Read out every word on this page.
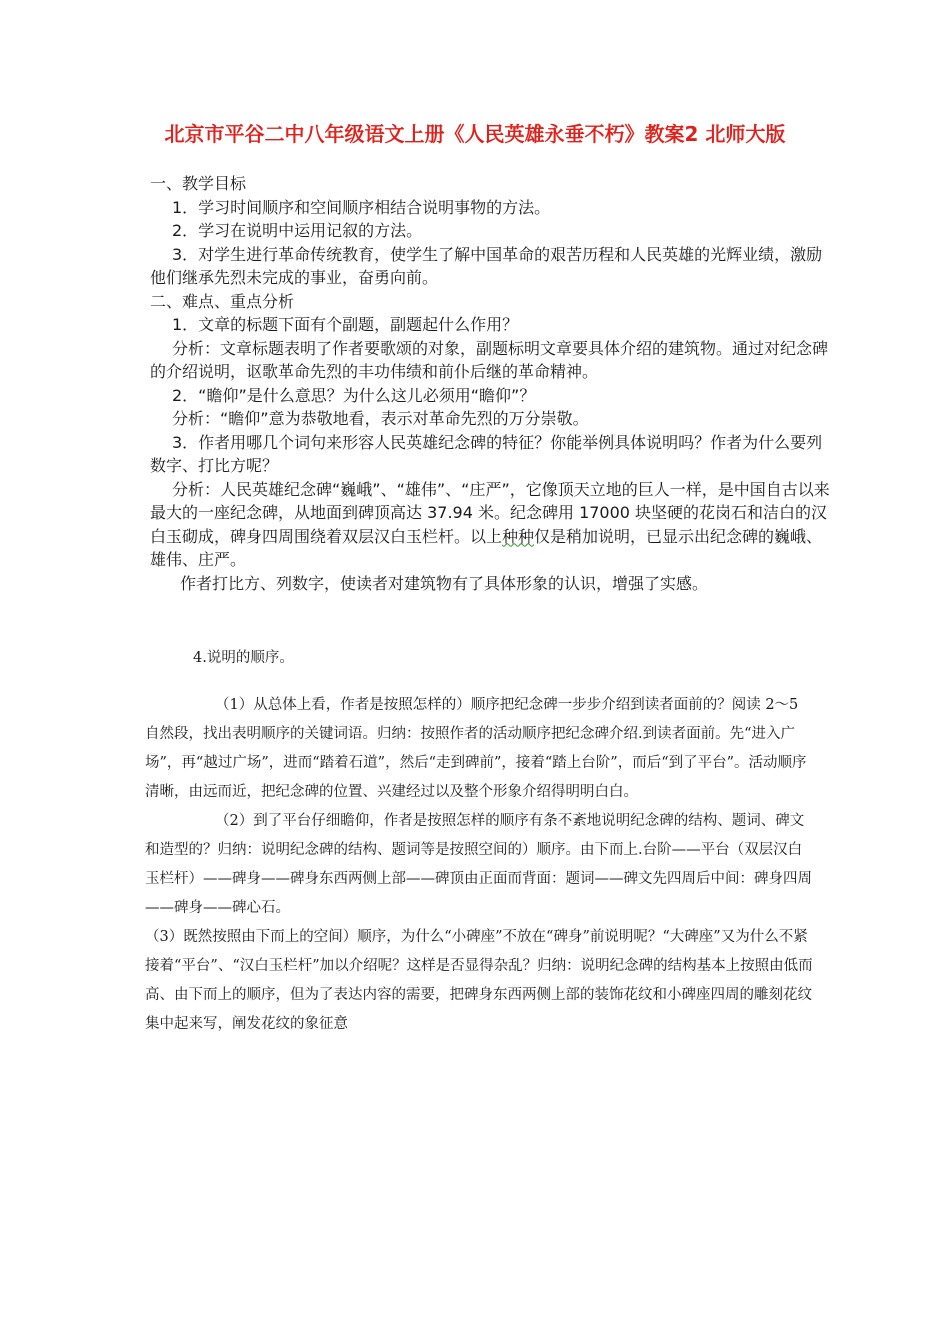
北京市平谷二中八年级语文上册《人民英雄永垂不朽》教案2 北师大版

一、教学目标

1．学习时间顺序和空间顺序相结合说明事物的方法。

2．学习在说明中运用记叙的方法。

3．对学生进行革命传统教育，使学生了解中国革命的艰苦历程和人民英雄的光辉业绩，激励他们继承先烈未完成的事业，奋勇向前。

二、难点、重点分析

1．文章的标题下面有个副题，副题起什么作用？

分析：文章标题表明了作者要歌颂的对象，副题标明文章要具体介绍的建筑物。通过对纪念碑的介绍说明，讴歌革命先烈的丰功伟绩和前仆后继的革命精神。

2．“瞻仰”是什么意思？为什么这儿必须用“瞻仰”？

分析：“瞻仰”意为恭敬地看，表示对革命先烈的万分崇敬。

3．作者用哪几个词句来形容人民英雄纪念碑的特征？你能举例具体说明吗？作者为什么要列数字、打比方呢？

分析：人民英雄纪念碑“巍峨”、“雄伟”、“庄严”，它像顶天立地的巨人一样，是中国自古以来最大的一座纪念碑，从地面到碑顶高达 37.94 米。纪念碑用 17000 块坚硬的花岗石和洁白的汉白玉砌成，碑身四周围绕着双层汉白玉栏杆。以上种种仅是稍加说明，已显示出纪念碑的巍峨、雄伟、庄严。

作者打比方、列数字，使读者对建筑物有了具体形象的认识，增强了实感。

4.说明的顺序。

（1）从总体上看，作者是按照怎样的）顺序把纪念碑一步步介绍到读者面前的？阅读 2～5 自然段，找出表明顺序的关键词语。归纳：按照作者的活动顺序把纪念碑介绍.到读者面前。先“进入广场”，再“越过广场”，进而“踏着石道”，然后“走到碑前”，接着“踏上台阶”，而后“到了平台”。活动顺序清晰，由远而近，把纪念碑的位置、兴建经过以及整个形象介绍得明明白白。

（2）到了平台仔细瞻仰，作者是按照怎样的顺序有条不紊地说明纪念碑的结构、题词、碑文和造型的？归纳：说明纪念碑的结构、题词等是按照空间的）顺序。由下而上.台阶——平台（双层汉白玉栏杆）——碑身——碑身东西两侧上部——碑顶由正面而背面：题词——碑文先四周后中间：碑身四周——碑身——碑心石。

（3）既然按照由下而上的空间）顺序，为什么“小碑座”不放在“碑身”前说明呢？“大碑座”又为什么不紧接着“平台”、“汉白玉栏杆”加以介绍呢？这样是否显得杂乱？归纳：说明纪念碑的结构基本上按照由低而高、由下而上的顺序，但为了表达内容的需要，把碑身东西两侧上部的装饰花纹和小碑座四周的雕刻花纹集中起来写，阐发花纹的象征意
